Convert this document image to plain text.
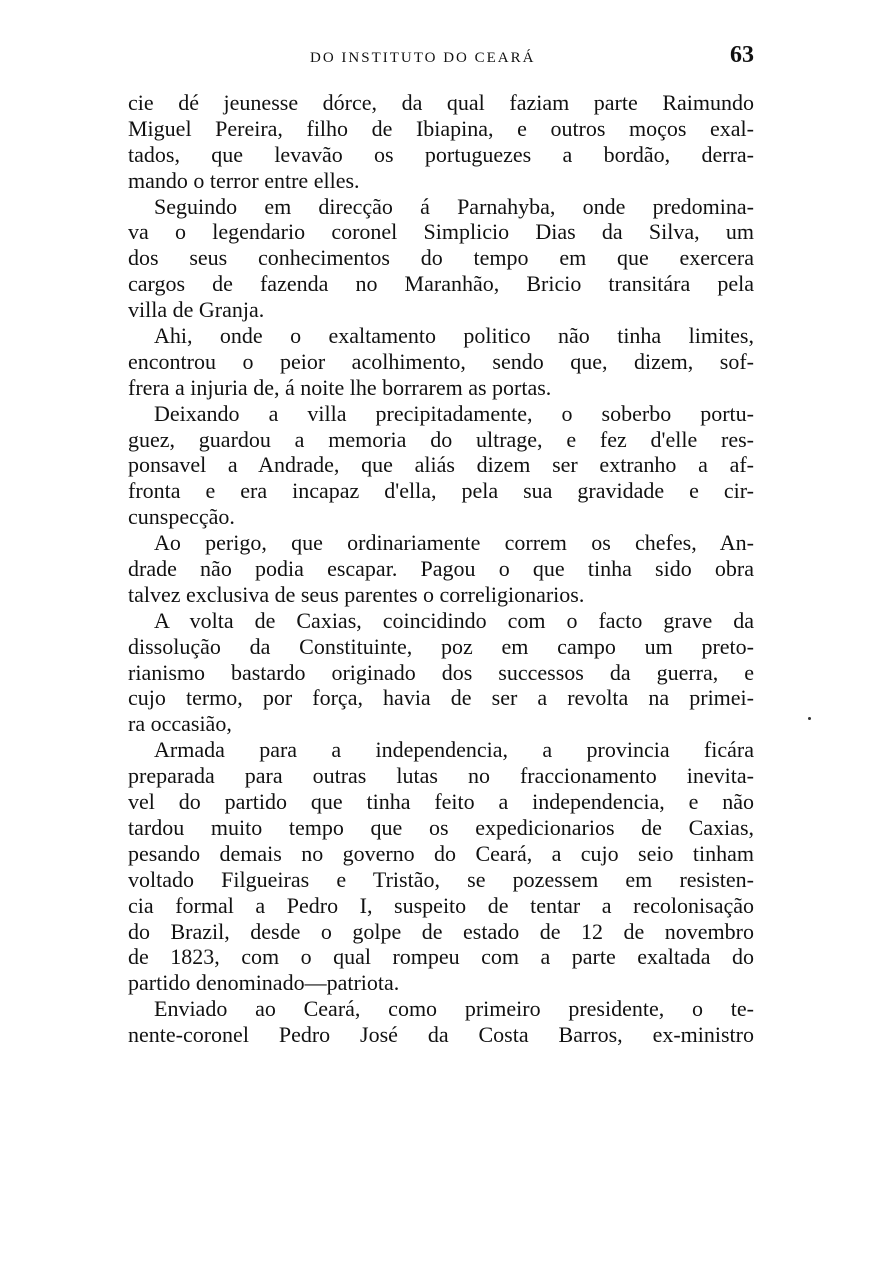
DO INSTITUTO DO CEARÁ	63
cie dé jeunesse dórce, da qual faziam parte Raimundo
Miguel Pereira, filho de Ibiapina, e outros moços exal-
tados, que levavão os portuguezes a bordão, derra-
mando o terror entre elles.
Seguindo em direcção á Parnahyba, onde predomina-
va o legendario coronel Simplicio Dias da Silva, um
dos seus conhecimentos do tempo em que exercera
cargos de fazenda no Maranhão, Bricio transitára pela
villa de Granja.
Ahi, onde o exaltamento politico não tinha limites,
encontrou o peior acolhimento, sendo que, dizem, sof-
frera a injuria de, á noite lhe borrarem as portas.
Deixando a villa precipitadamente, o soberbo portu-
guez, guardou a memoria do ultrage, e fez d'elle res-
ponsavel a Andrade, que aliás dizem ser extranho a af-
fronta e era incapaz d'ella, pela sua gravidade e cir-
cunspecção.
Ao perigo, que ordinariamente correm os chefes, An-
drade não podia escapar. Pagou o que tinha sido obra
talvez exclusiva de seus parentes o correligionarios.
A volta de Caxias, coincidindo com o facto grave da
dissolução da Constituinte, poz em campo um preto-
rianismo bastardo originado dos successos da guerra, e
cujo termo, por força, havia de ser a revolta na primei-
ra occasião,
Armada para a independencia, a provincia ficára
preparada para outras lutas no fraccionamento inevita-
vel do partido que tinha feito a independencia, e não
tardou muito tempo que os expedicionarios de Caxias,
pesando demais no governo do Ceará, a cujo seio tinham
voltado Filgueiras e Tristão, se pozessem em resisten-
cia formal a Pedro I, suspeito de tentar a recolonisação
do Brazil, desde o golpe de estado de 12 de novembro
de 1823, com o qual rompeu com a parte exaltada do
partido denominado—patriota.
Enviado ao Ceará, como primeiro presidente, o te-
nente-coronel Pedro José da Costa Barros, ex-ministro
